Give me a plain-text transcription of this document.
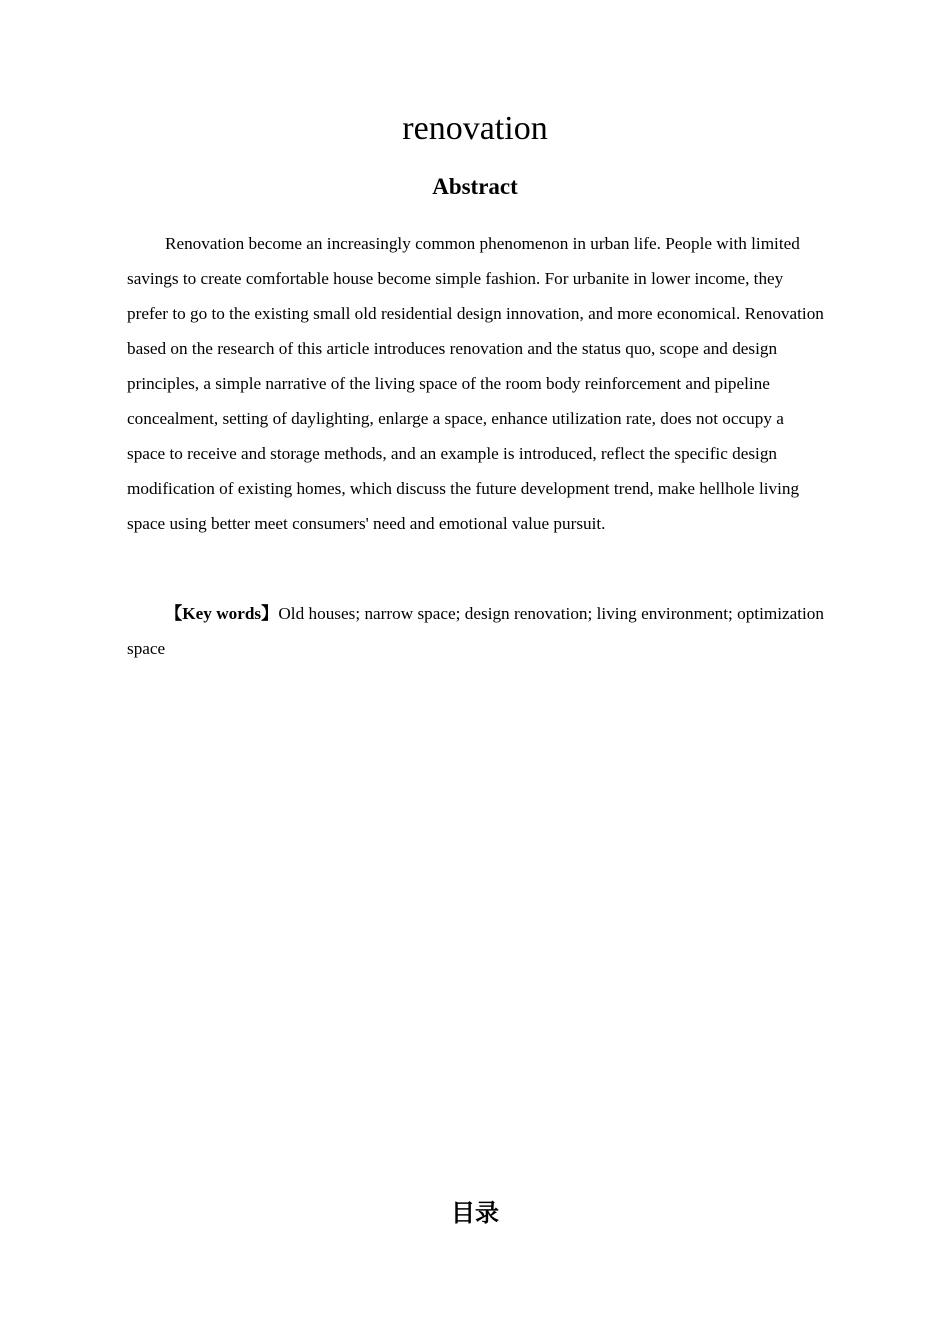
renovation
Abstract

Renovation become an increasingly common phenomenon in urban life. People with limited savings to create comfortable house become simple fashion. For urbanite in lower income, they prefer to go to the existing small old residential design innovation, and more economical. Renovation based on the research of this article introduces renovation and the status quo, scope and design principles, a simple narrative of the living space of the room body reinforcement and pipeline concealment, setting of daylighting, enlarge a space, enhance utilization rate, does not occupy a space to receive and storage methods, and an example is introduced, reflect the specific design modification of existing homes, which discuss the future development trend, make hellhole living space using better meet consumers' need and emotional value pursuit.

【Key words】Old houses; narrow space; design renovation; living environment; optimization space

目录
